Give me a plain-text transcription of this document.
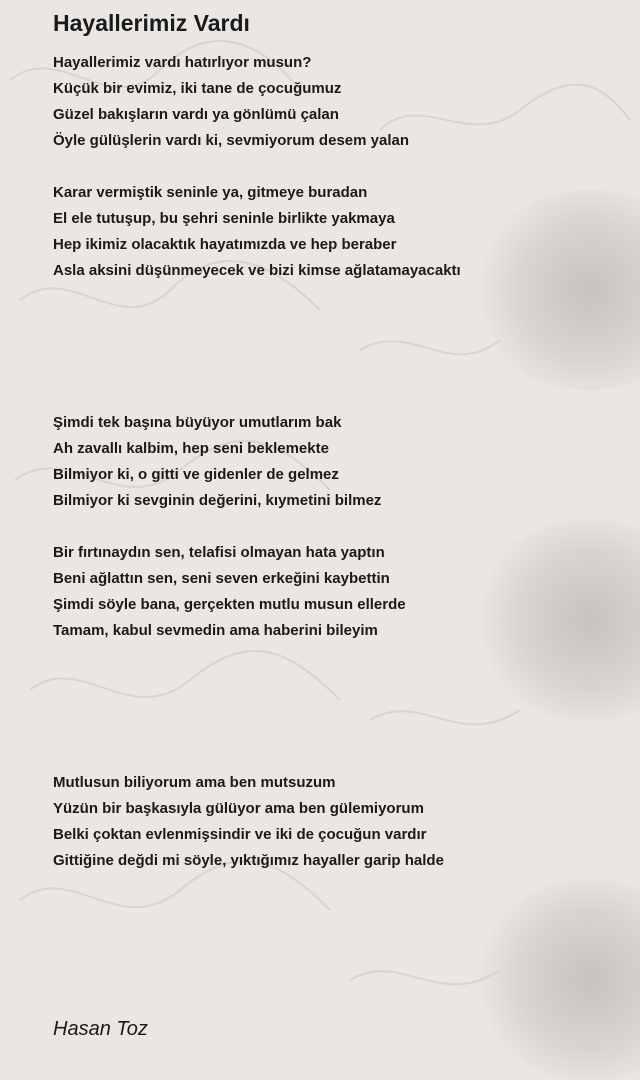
Hayallerimiz Vardı
Hayallerimiz vardı hatırlıyor musun?
Küçük bir evimiz, iki tane de çocuğumuz
Güzel bakışların vardı ya gönlümü çalan
Öyle gülüşlerin vardı ki, sevmiyorum desem yalan
Karar vermiştik seninle ya, gitmeye buradan
El ele tutuşup, bu şehri seninle birlikte yakmaya
Hep ikimiz olacaktık hayatımızda ve hep beraber
Asla aksini düşünmeyecek ve bizi kimse ağlatamayacaktı
Şimdi tek başına büyüyor umutlarım bak
Ah zavallı kalbim, hep seni beklemekte
Bilmiyor ki, o gitti ve gidenler de gelmez
Bilmiyor ki sevginin değerini, kıymetini bilmez
Bir fırtınaydın sen, telafisi olmayan hata yaptın
Beni ağlattın sen, seni seven erkeğini kaybettin
Şimdi söyle bana, gerçekten mutlu musun ellerde
Tamam, kabul sevmedin ama haberini bileyim
Mutlusun biliyorum ama ben mutsuzum
Yüzün bir başkasıyla gülüyor ama ben gülemiyorum
Belki çoktan evlenmişsindir ve iki de çocuğun vardır
Gittiğine değdi mi söyle, yıktığımız hayaller garip halde
Hasan Toz
